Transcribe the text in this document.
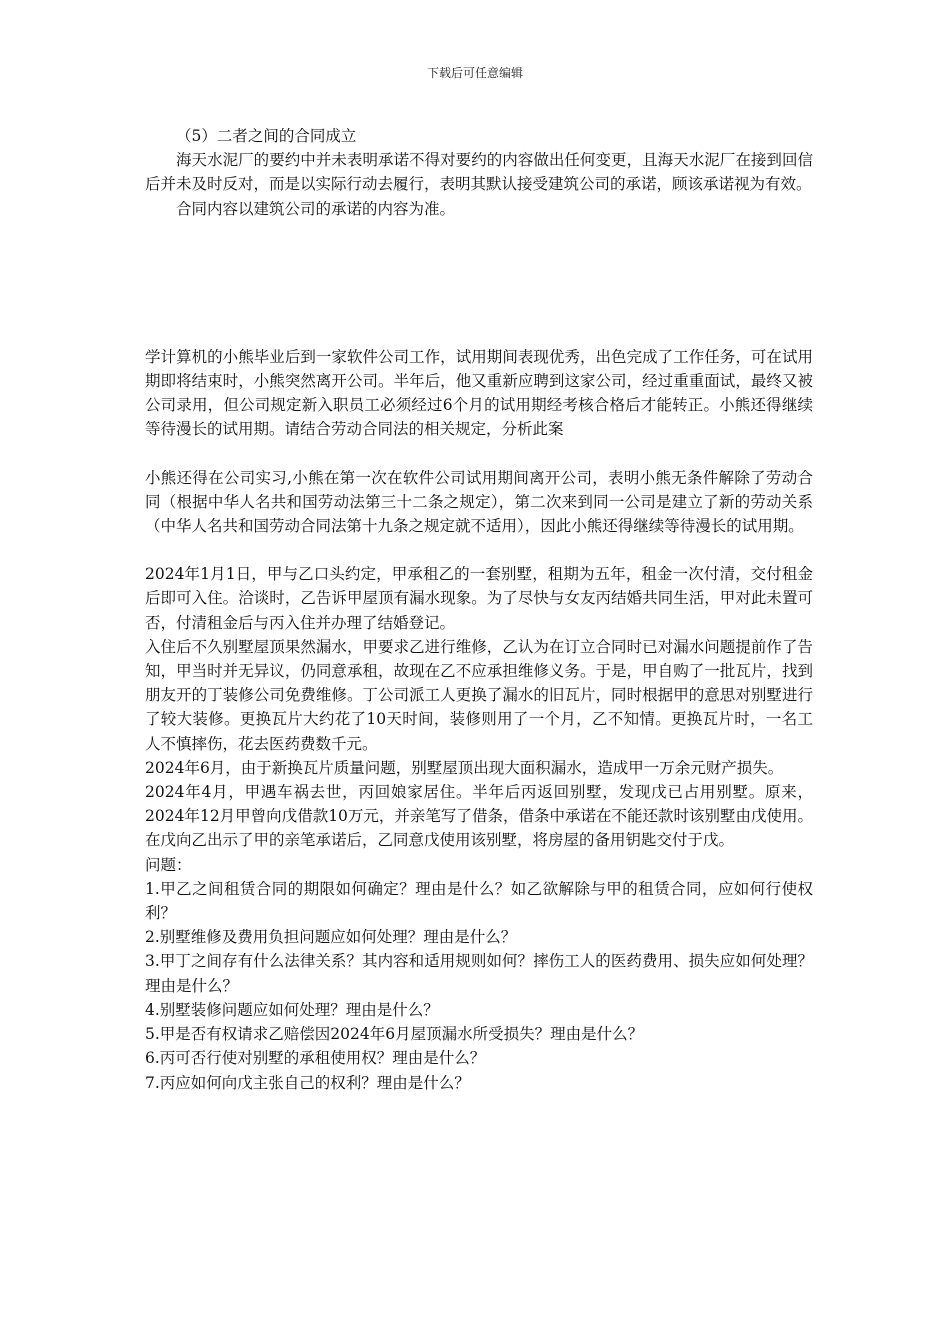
下载后可任意编辑

（5）二者之间的合同成立

海天水泥厂的要约中并未表明承诺不得对要约的内容做出任何变更，且海天水泥厂在接到回信后并未及时反对，而是以实际行动去履行，表明其默认接受建筑公司的承诺，顾该承诺视为有效。

合同内容以建筑公司的承诺的内容为准。

学计算机的小熊毕业后到一家软件公司工作，试用期间表现优秀，出色完成了工作任务，可在试用期即将结束时，小熊突然离开公司。半年后，他又重新应聘到这家公司，经过重重面试，最终又被公司录用，但公司规定新入职员工必须经过6个月的试用期经考核合格后才能转正。小熊还得继续等待漫长的试用期。请结合劳动合同法的相关规定，分析此案

小熊还得在公司实习,小熊在第一次在软件公司试用期间离开公司，表明小熊无条件解除了劳动合同（根据中华人名共和国劳动法第三十二条之规定），第二次来到同一公司是建立了新的劳动关系（中华人名共和国劳动合同法第十九条之规定就不适用），因此小熊还得继续等待漫长的试用期。

2024年1月1日，甲与乙口头约定，甲承租乙的一套别墅，租期为五年，租金一次付清，交付租金后即可入住。洽谈时，乙告诉甲屋顶有漏水现象。为了尽快与女友丙结婚共同生活，甲对此未置可否，付清租金后与丙入住并办理了结婚登记。

入住后不久别墅屋顶果然漏水，甲要求乙进行维修，乙认为在订立合同时已对漏水问题提前作了告知，甲当时并无异议，仍同意承租，故现在乙不应承担维修义务。于是，甲自购了一批瓦片，找到朋友开的丁装修公司免费维修。丁公司派工人更换了漏水的旧瓦片，同时根据甲的意思对别墅进行了较大装修。更换瓦片大约花了10天时间，装修则用了一个月，乙不知情。更换瓦片时，一名工人不慎摔伤，花去医药费数千元。

2024年6月，由于新换瓦片质量问题，别墅屋顶出现大面积漏水，造成甲一万余元财产损失。

2024年4月，甲遇车祸去世，丙回娘家居住。半年后丙返回别墅，发现戊已占用别墅。原来，2024年12月甲曾向戊借款10万元，并亲笔写了借条，借条中承诺在不能还款时该别墅由戊使用。在戊向乙出示了甲的亲笔承诺后，乙同意戊使用该别墅，将房屋的备用钥匙交付于戊。

问题：

1.甲乙之间租赁合同的期限如何确定？理由是什么？如乙欲解除与甲的租赁合同，应如何行使权利？

2.别墅维修及费用负担问题应如何处理？理由是什么？

3.甲丁之间存有什么法律关系？其内容和适用规则如何？摔伤工人的医药费用、损失应如何处理？理由是什么？

4.别墅装修问题应如何处理？理由是什么？

5.甲是否有权请求乙赔偿因2024年6月屋顶漏水所受损失？理由是什么？

6.丙可否行使对别墅的承租使用权？理由是什么？

7.丙应如何向戊主张自己的权利？理由是什么？
